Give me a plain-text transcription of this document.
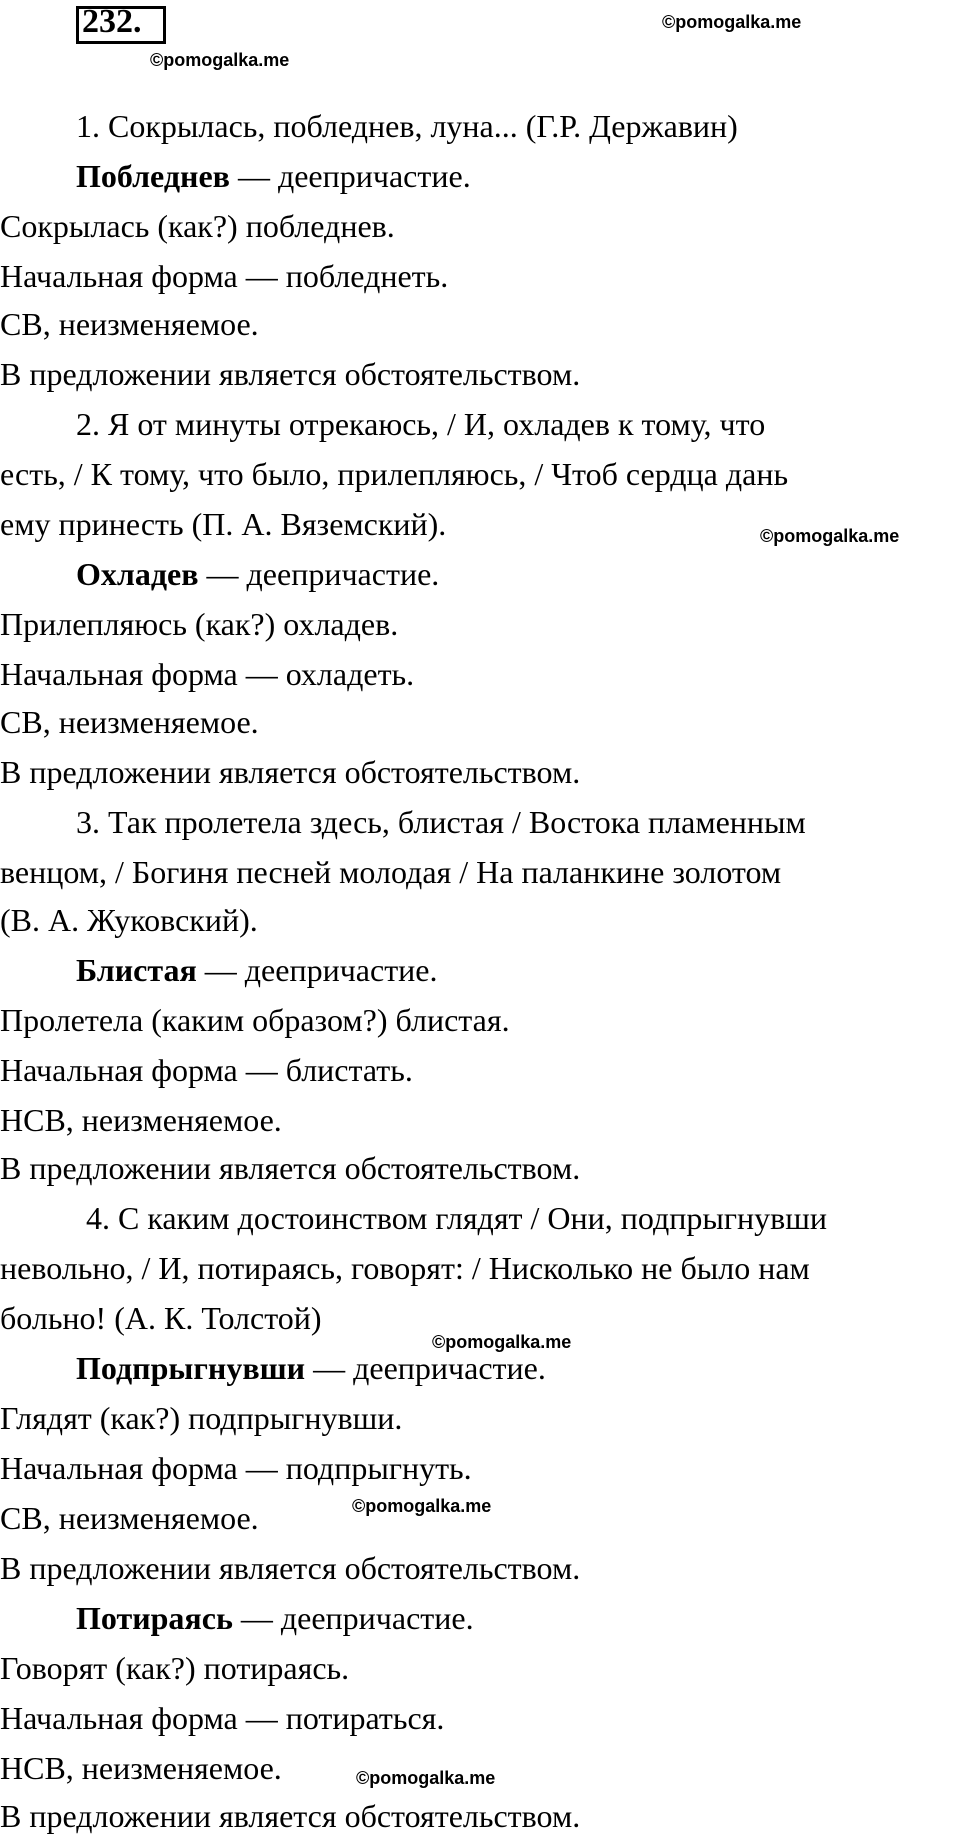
232.	©pomogalka.me
©pomogalka.me
©pomogalka.me
©pomogalka.me
©pomogalka.me
©pomogalka.me
1. Сокрылась, побледнев, луна... (Г.Р. Державин)
Побледнев — деепричастие.
Сокрылась (как?) побледнев.
Начальная форма — побледнеть.
СВ, неизменяемое.
В предложении является обстоятельством.
2. Я от минуты отрекаюсь, / И, охладев к тому, что
есть, / К тому, что было, прилепляюсь, / Чтоб сердца дань
ему принесть (П. А. Вяземский).
Охладев — деепричастие.
Прилепляюсь (как?) охладев.
Начальная форма — охладеть.
СВ, неизменяемое.
В предложении является обстоятельством.
3. Так пролетела здесь, блистая / Востока пламенным
венцом, / Богиня песней молодая / На паланкине золотом
(В. А. Жуковский).
Блистая — деепричастие.
Пролетела (каким образом?) блистая.
Начальная форма — блистать.
НСВ, неизменяемое.
В предложении является обстоятельством.
4. С каким достоинством глядят / Они, подпрыгнувши
невольно, / И, потираясь, говорят: / Нисколько не было нам
больно! (А. К. Толстой)
Подпрыгнувши — деепричастие.
Глядят (как?) подпрыгнувши.
Начальная форма — подпрыгнуть.
СВ, неизменяемое.
В предложении является обстоятельством.
Потираясь — деепричастие.
Говорят (как?) потираясь.
Начальная форма — потираться.
НСВ, неизменяемое.
В предложении является обстоятельством.
